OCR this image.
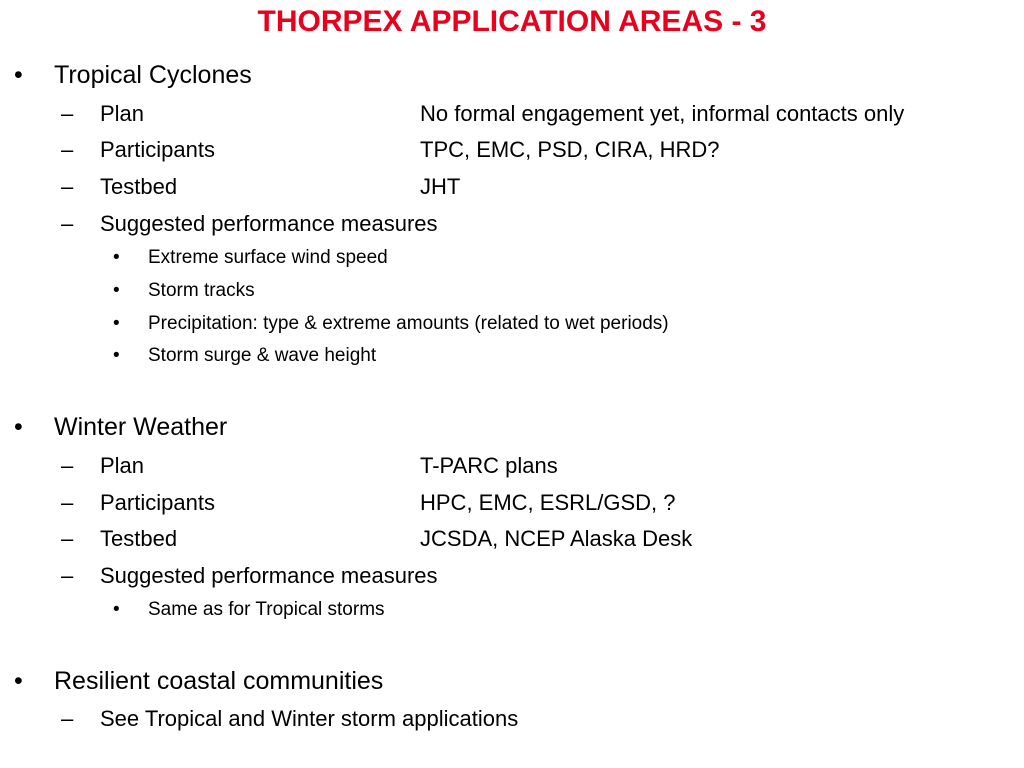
THORPEX APPLICATION AREAS - 3
• Tropical Cyclones
– Plan	No formal engagement yet, informal contacts only
– Participants	TPC, EMC, PSD, CIRA, HRD?
– Testbed	JHT
– Suggested performance measures
• Extreme surface wind speed
• Storm tracks
• Precipitation: type & extreme amounts (related to wet periods)
• Storm surge & wave height
• Winter Weather
– Plan	T-PARC plans
– Participants	HPC, EMC, ESRL/GSD, ?
– Testbed	JCSDA, NCEP Alaska Desk
– Suggested performance measures
• Same as for Tropical storms
• Resilient coastal communities
– See Tropical and Winter storm applications
